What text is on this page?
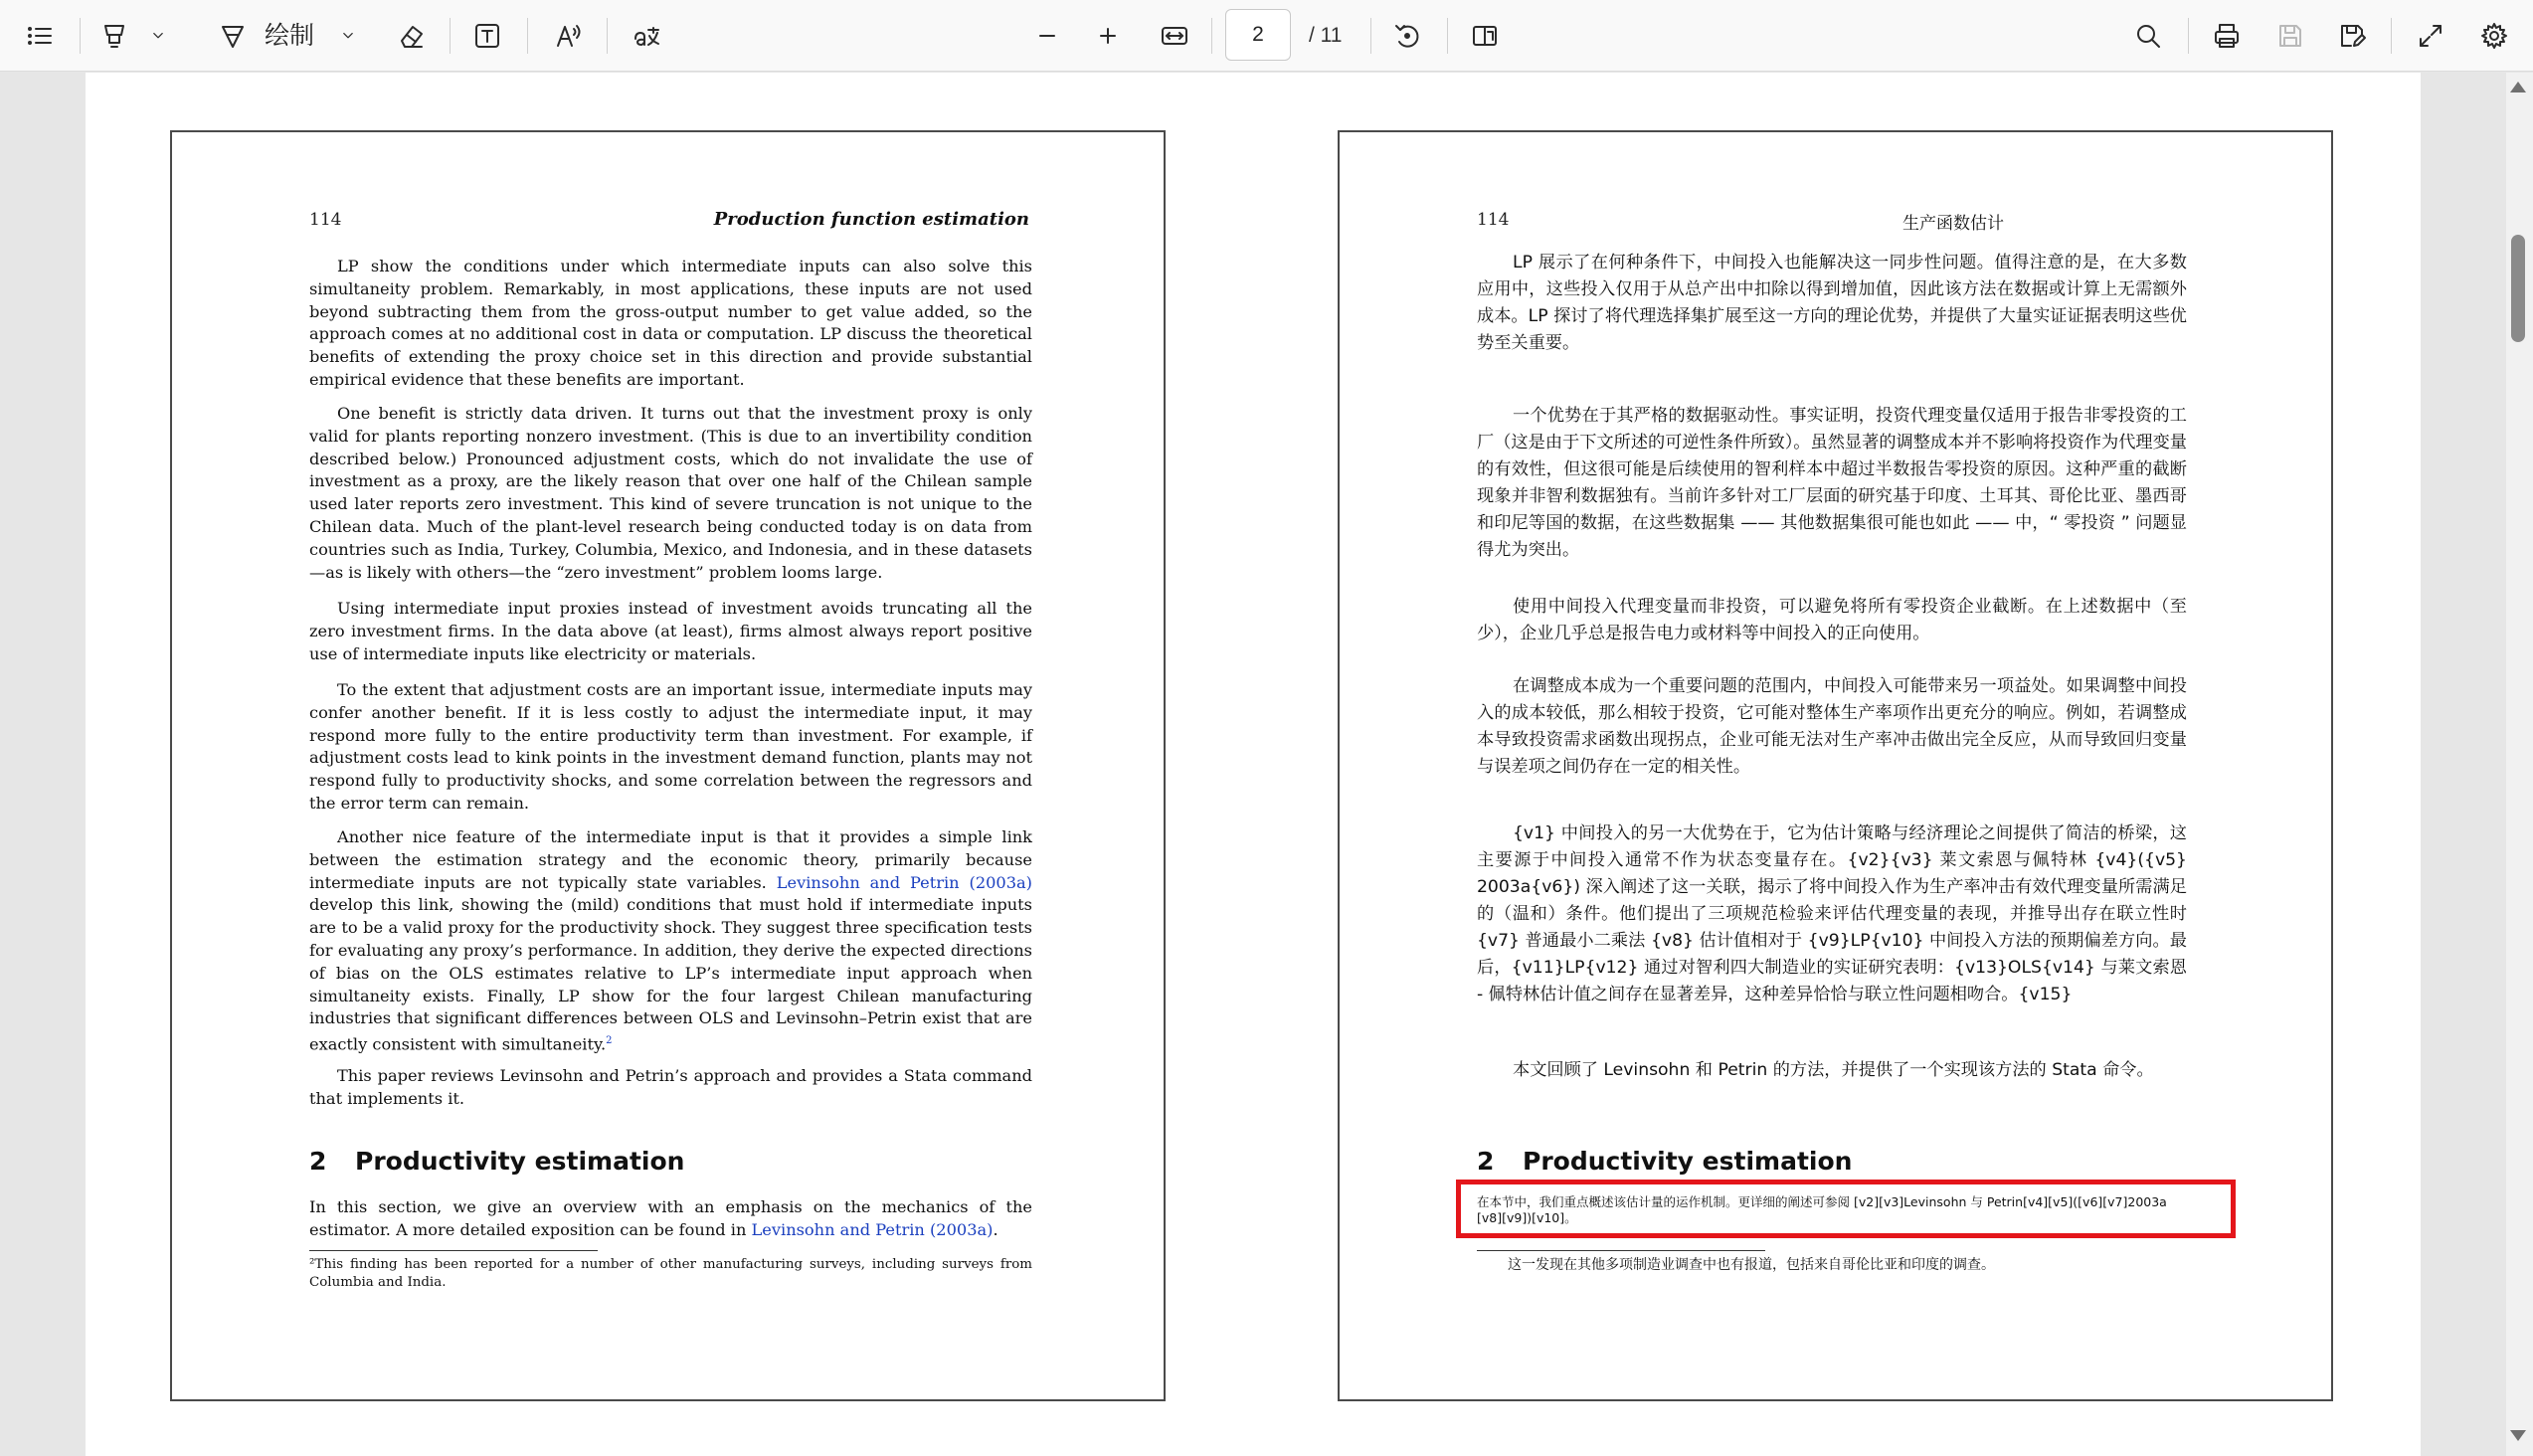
绘制	2	/ 11
114	Production function estimation

LP show the conditions under which intermediate inputs can also solve this simultaneity problem. Remarkably, in most applications, these inputs are not used beyond subtracting them from the gross-output number to get value added, so the approach comes at no additional cost in data or computation. LP discuss the theoretical benefits of extending the proxy choice set in this direction and provide substantial empirical evidence that these benefits are important.

One benefit is strictly data driven. It turns out that the investment proxy is only valid for plants reporting nonzero investment. (This is due to an invertibility condition described below.) Pronounced adjustment costs, which do not invalidate the use of investment as a proxy, are the likely reason that over one half of the Chilean sample used later reports zero investment. This kind of severe truncation is not unique to the Chilean data. Much of the plant-level research being conducted today is on data from countries such as India, Turkey, Columbia, Mexico, and Indonesia, and in these datasets—as is likely with others—the “zero investment” problem looms large.

Using intermediate input proxies instead of investment avoids truncating all the zero investment firms. In the data above (at least), firms almost always report positive use of intermediate inputs like electricity or materials.

To the extent that adjustment costs are an important issue, intermediate inputs may confer another benefit. If it is less costly to adjust the intermediate input, it may respond more fully to the entire productivity term than investment. For example, if adjustment costs lead to kink points in the investment demand function, plants may not respond fully to productivity shocks, and some correlation between the regressors and the error term can remain.

Another nice feature of the intermediate input is that it provides a simple link between the estimation strategy and the economic theory, primarily because intermediate inputs are not typically state variables. Levinsohn and Petrin (2003a) develop this link, showing the (mild) conditions that must hold if intermediate inputs are to be a valid proxy for the productivity shock. They suggest three specification tests for evaluating any proxy’s performance. In addition, they derive the expected directions of bias on the OLS estimates relative to LP’s intermediate input approach when simultaneity exists. Finally, LP show for the four largest Chilean manufacturing industries that significant differences between OLS and Levinsohn–Petrin exist that are exactly consistent with simultaneity.$^2$

This paper reviews Levinsohn and Petrin’s approach and provides a Stata command that implements it.

2 Productivity estimation

In this section, we give an overview with an emphasis on the mechanics of the estimator. A more detailed exposition can be found in Levinsohn and Petrin (2003a).

²This finding has been reported for a number of other manufacturing surveys, including surveys from Columbia and India.
114	生产函数估计

LP 展示了在何种条件下，中间投入也能解决这一同步性问题。值得注意的是，在大多数应用中，这些投入仅用于从总产出中扣除以得到增加值，因此该方法在数据或计算上无需额外成本。LP 探讨了将代理选择集扩展至这一方向的理论优势，并提供了大量实证证据表明这些优势至关重要。

一个优势在于其严格的数据驱动性。事实证明，投资代理变量仅适用于报告非零投资的工厂（这是由于下文所述的可逆性条件所致）。虽然显著的调整成本并不影响将投资作为代理变量的有效性，但这很可能是后续使用的智利样本中超过半数报告零投资的原因。这种严重的截断现象并非智利数据独有。当前许多针对工厂层面的研究基于印度、土耳其、哥伦比亚、墨西哥和印尼等国的数据，在这些数据集 —— 其他数据集很可能也如此 —— 中，“ 零投资 ” 问题显得尤为突出。

使用中间投入代理变量而非投资，可以避免将所有零投资企业截断。在上述数据中（至少），企业几乎总是报告电力或材料等中间投入的正向使用。

在调整成本成为一个重要问题的范围内，中间投入可能带来另一项益处。如果调整中间投入的成本较低，那么相较于投资，它可能对整体生产率项作出更充分的响应。例如，若调整成本导致投资需求函数出现拐点，企业可能无法对生产率冲击做出完全反应，从而导致回归变量与误差项之间仍存在一定的相关性。

{v1} 中间投入的另一大优势在于，它为估计策略与经济理论之间提供了简洁的桥梁，这主要源于中间投入通常不作为状态变量存在。{v2}{v3} 莱文索恩与佩特林 {v4}({v5} 2003a{v6}) 深入阐述了这一关联，揭示了将中间投入作为生产率冲击有效代理变量所需满足的（温和）条件。他们提出了三项规范检验来评估代理变量的表现，并推导出存在联立性时 {v7} 普通最小二乘法 {v8} 估计值相对于 {v9}LP{v10} 中间投入方法的预期偏差方向。最后，{v11}LP{v12} 通过对智利四大制造业的实证研究表明：{v13}OLS{v14} 与莱文索恩 - 佩特林估计值之间存在显著差异，这种差异恰恰与联立性问题相吻合。{v15}

本文回顾了 Levinsohn 和 Petrin 的方法，并提供了一个实现该方法的 Stata 命令。

2 Productivity estimation
在本节中，我们重点概述该估计量的运作机制。更详细的阐述可参阅 [v2][v3]Levinsohn 与 Petrin[v4][v5]([v6][v7]2003a [v8][v9])[v10]。
这一发现在其他多项制造业调查中也有报道，包括来自哥伦比亚和印度的调查。
